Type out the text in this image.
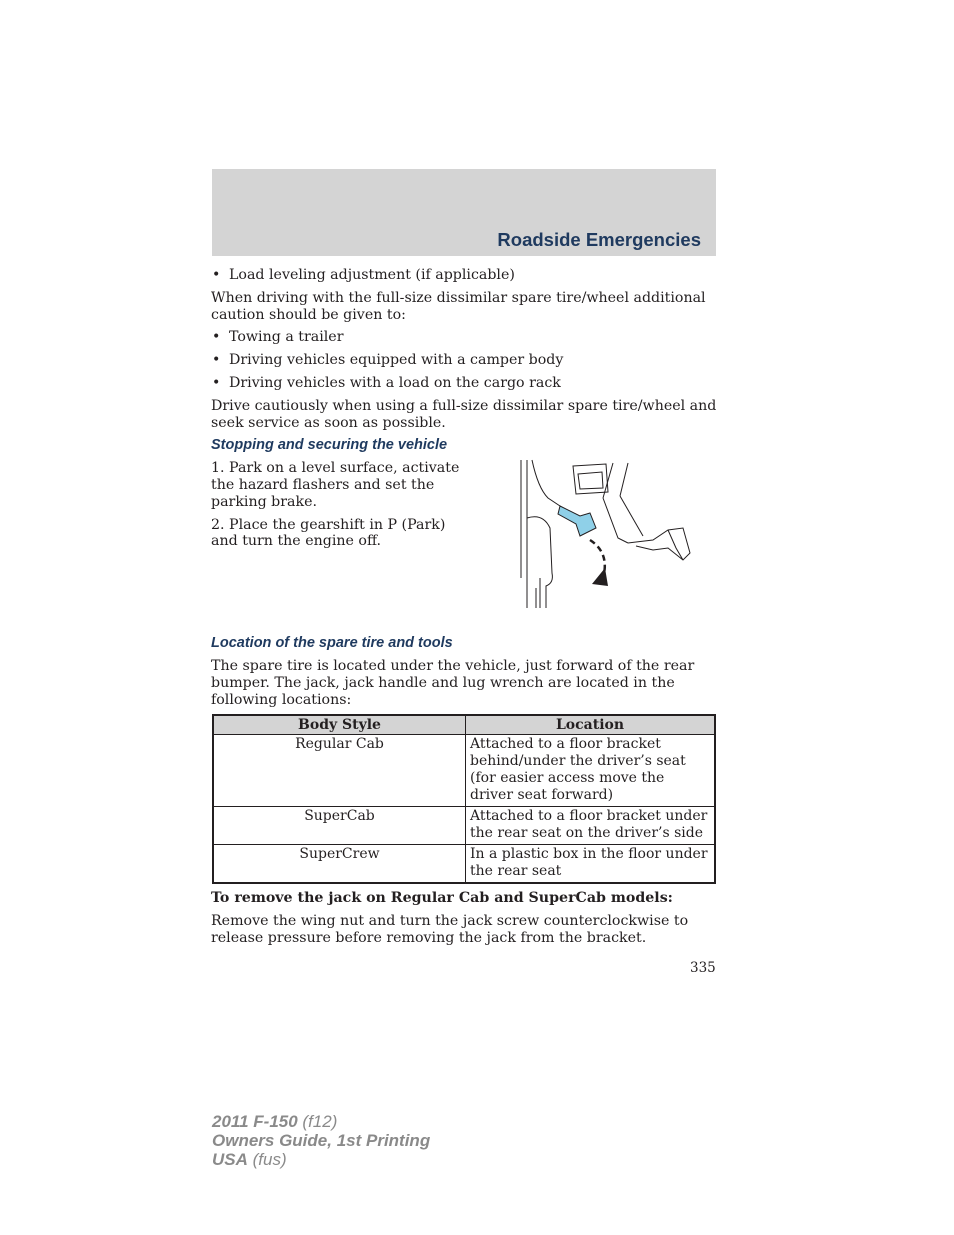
Roadside Emergencies
• Load leveling adjustment (if applicable)

When driving with the full-size dissimilar spare tire/wheel additional caution should be given to:

• Towing a trailer
• Driving vehicles equipped with a camper body
• Driving vehicles with a load on the cargo rack

Drive cautiously when using a full-size dissimilar spare tire/wheel and seek service as soon as possible.

Stopping and securing the vehicle

1. Park on a level surface, activate the hazard flashers and set the parking brake.

2. Place the gearshift in P (Park) and turn the engine off.

Location of the spare tire and tools

The spare tire is located under the vehicle, just forward of the rear bumper. The jack, jack handle and lug wrench are located in the following locations:

Body Style	Location
Regular Cab	Attached to a floor bracket behind/under the driver’s seat (for easier access move the driver seat forward)
SuperCab	Attached to a floor bracket under the rear seat on the driver’s side
SuperCrew	In a plastic box in the floor under the rear seat

To remove the jack on Regular Cab and SuperCab models:

Remove the wing nut and turn the jack screw counterclockwise to release pressure before removing the jack from the bracket.

335
2011 F-150 (f12)
Owners Guide, 1st Printing
USA (fus)
